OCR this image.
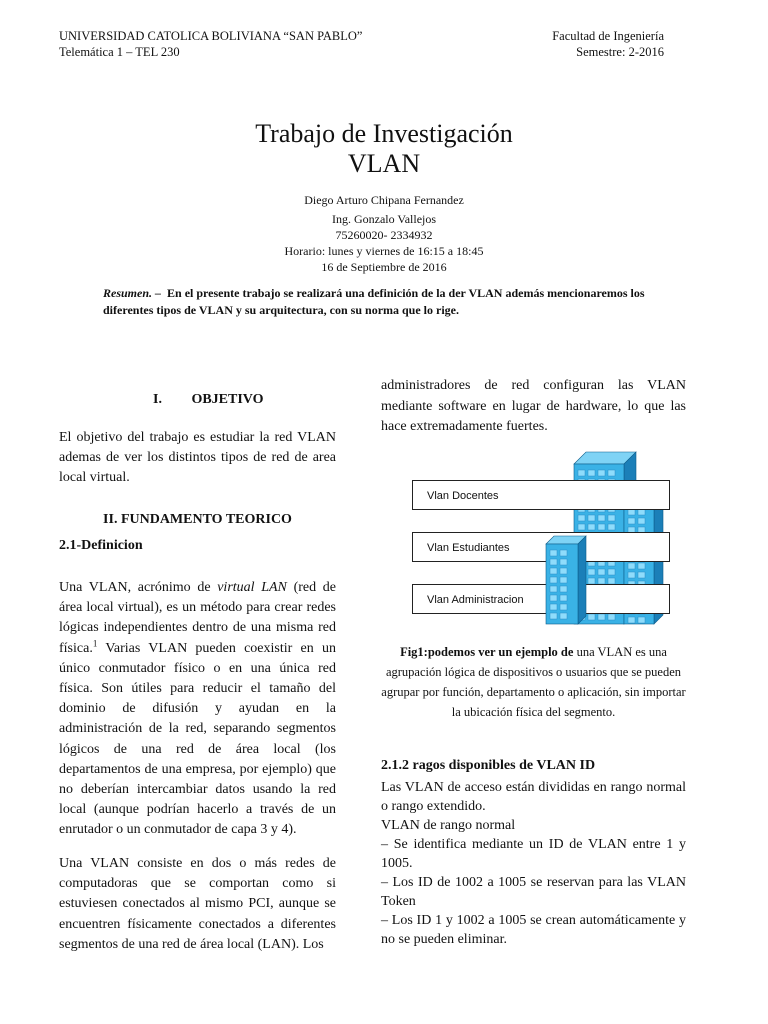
UNIVERSIDAD CATOLICA BOLIVIANA “SAN PABLO”
Telemática 1 – TEL 230
Facultad de Ingeniería
Semestre: 2-2016
Trabajo de Investigación
VLAN
Diego Arturo Chipana Fernandez
Ing. Gonzalo Vallejos
75260020- 2334932
Horario: lunes y viernes de 16:15 a 18:45
16 de Septiembre de 2016
Resumen. – En el presente trabajo se realizará una definición de la der VLAN además mencionaremos los diferentes tipos de VLAN y su arquitectura, con su norma que lo rige.
I. OBJETIVO
El objetivo del trabajo es estudiar la red VLAN ademas de ver los distintos tipos de red de area local virtual.
II. FUNDAMENTO TEORICO
2.1-Definicion
Una VLAN, acrónimo de virtual LAN (red de área local virtual), es un método para crear redes lógicas independientes dentro de una misma red física.$^1$ Varias VLAN pueden coexistir en un único conmutador físico o en una única red física. Son útiles para reducir el tamaño del dominio de difusión y ayudan en la administración de la red, separando segmentos lógicos de una red de área local (los departamentos de una empresa, por ejemplo) que no deberían intercambiar datos usando la red local (aunque podrían hacerlo a través de un enrutador o un conmutador de capa 3 y 4).
Una VLAN consiste en dos o más redes de computadoras que se comportan como si estuviesen conectados al mismo PCI, aunque se encuentren físicamente conectados a diferentes segmentos de una red de área local (LAN). Los
administradores de red configuran las VLAN mediante software en lugar de hardware, lo que las hace extremadamente fuertes.
Vlan Docentes
Vlan Estudiantes
Vlan Administracion
Fig1:podemos ver un ejemplo de una VLAN es una agrupación lógica de dispositivos o usuarios que se pueden agrupar por función, departamento o aplicación, sin importar la ubicación física del segmento.
2.1.2 ragos disponibles de VLAN ID

Las VLAN de acceso están divididas en rango normal o rango extendido.

VLAN de rango normal

– Se identifica mediante un ID de VLAN entre 1 y 1005.

– Los ID de 1002 a 1005 se reservan para las VLAN Token

– Los ID 1 y 1002 a 1005 se crean automáticamente y no se pueden eliminar.
